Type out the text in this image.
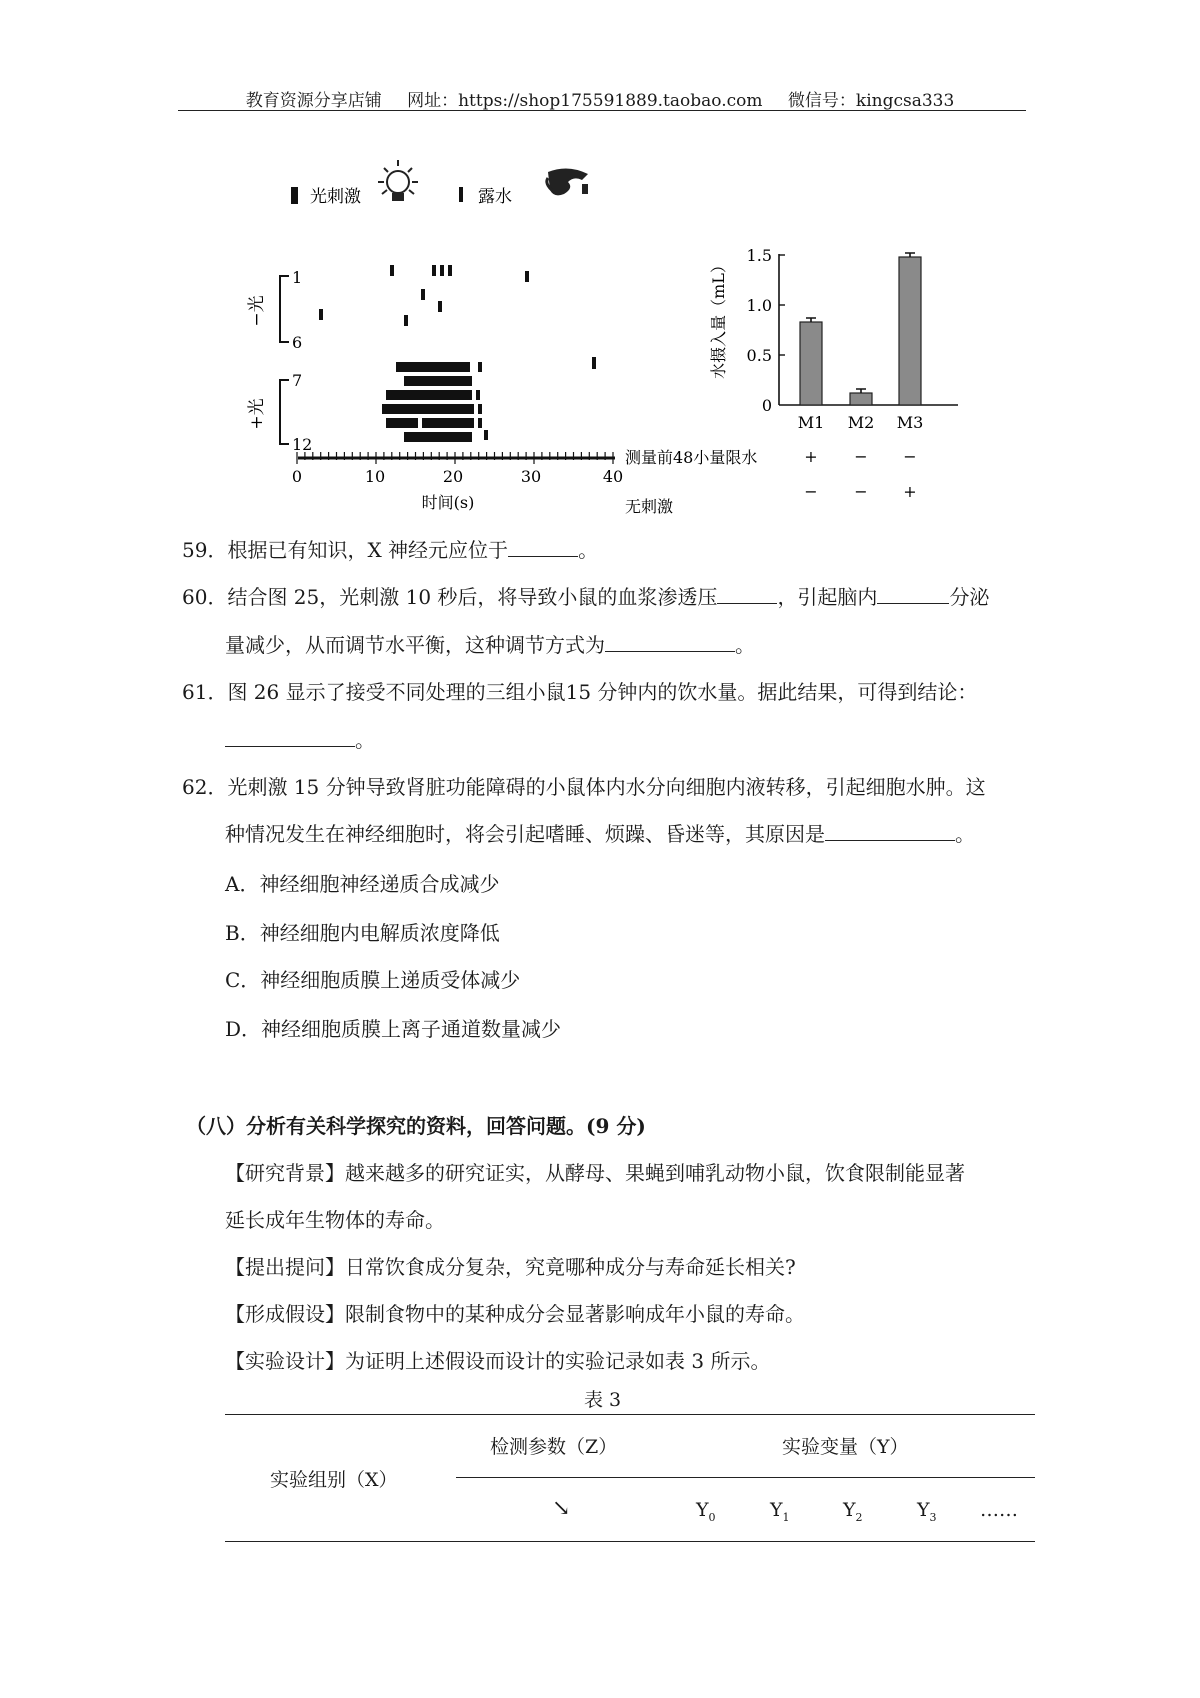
教育资源分享店铺 网址：https://shop175591889.taobao.com 微信号：kingcsa333
光刺激	露水
0	10	20	30	40
时间(s)
1
6
7
12
−光
+光
1.5
1.0
0.5
0
水摄入量（mL）
M1 M2 M3
测量前48小量限水	+ − −
无刺激
− − +
59．根据已有知识，X 神经元应位于	。
60．结合图 25，光刺激 10 秒后，将导致小鼠的血浆渗透压	，引起脑内	分泌
量减少，从而调节水平衡，这种调节方式为	。
61．图 26 显示了接受不同处理的三组小鼠15 分钟内的饮水量。据此结果，可得到结论：
。
62．光刺激 15 分钟导致肾脏功能障碍的小鼠体内水分向细胞内液转移，引起细胞水肿。这
种情况发生在神经细胞时，将会引起嗜睡、烦躁、昏迷等，其原因是	。
A．神经细胞神经递质合成减少
B．神经细胞内电解质浓度降低
C．神经细胞质膜上递质受体减少
D．神经细胞质膜上离子通道数量减少
（八）分析有关科学探究的资料，回答问题。(9 分)
【研究背景】越来越多的研究证实，从酵母、果蝇到哺乳动物小鼠，饮食限制能显著
延长成年生物体的寿命。
【提出提问】日常饮食成分复杂，究竟哪种成分与寿命延长相关?
【形成假设】限制食物中的某种成分会显著影响成年小鼠的寿命。
【实验设计】为证明上述假设而设计的实验记录如表 3 所示。
表 3
检测参数（Z）	实验变量（Y）
实验组别（X）
↘	$Y_0$	$Y_1$	$Y_2$	$Y_3$ ……
